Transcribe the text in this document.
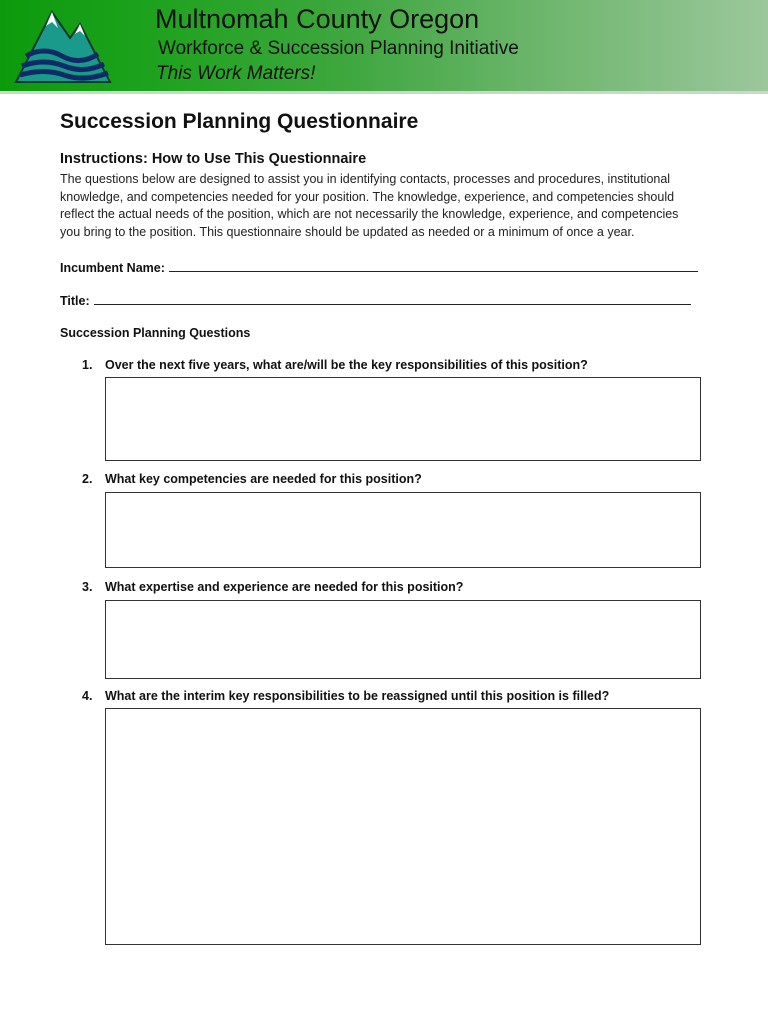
Multnomah County Oregon
Workforce & Succession Planning Initiative
This Work Matters!
Succession Planning Questionnaire
Instructions: How to Use This Questionnaire

The questions below are designed to assist you in identifying contacts, processes and procedures, institutional knowledge, and competencies needed for your position. The knowledge, experience, and competencies should reflect the actual needs of the position, which are not necessarily the knowledge, experience, and competencies you bring to the position. This questionnaire should be updated as needed or a minimum of once a year.

Incumbent Name:
Title:
Succession Planning Questions
1. Over the next five years, what are/will be the key responsibilities of this position?
2. What key competencies are needed for this position?
3. What expertise and experience are needed for this position?
4. What are the interim key responsibilities to be reassigned until this position is filled?
